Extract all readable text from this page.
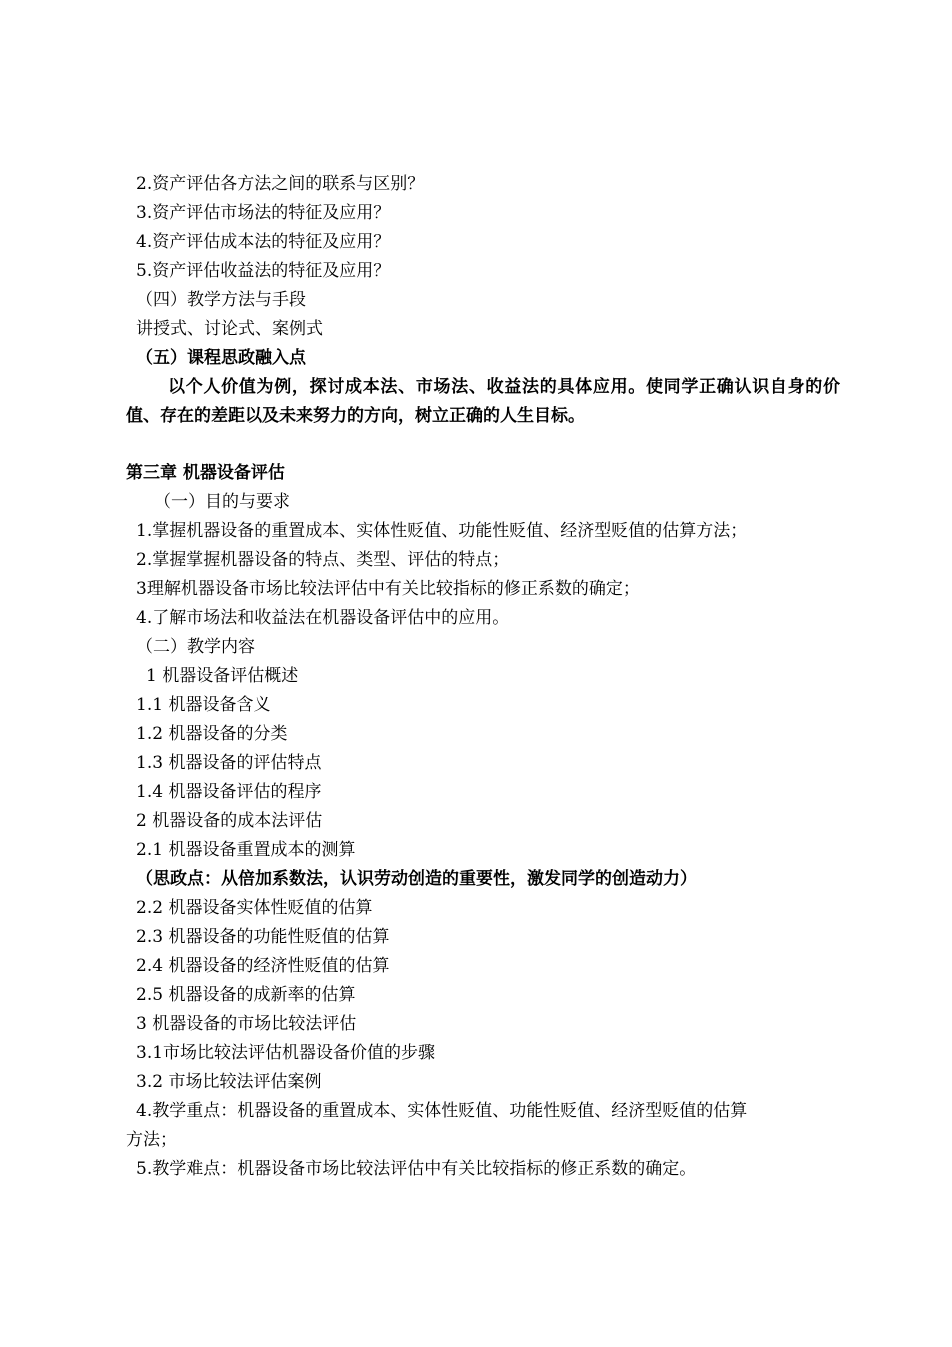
2.资产评估各方法之间的联系与区别？
3.资产评估市场法的特征及应用？
4.资产评估成本法的特征及应用？
5.资产评估收益法的特征及应用？
（四）教学方法与手段
讲授式、讨论式、案例式
（五）课程思政融入点
以个人价值为例，探讨成本法、市场法、收益法的具体应用。使同学正确认识自身的价值、存在的差距以及未来努力的方向，树立正确的人生目标。
第三章 机器设备评估
（一）目的与要求
1.掌握机器设备的重置成本、实体性贬值、功能性贬值、经济型贬值的估算方法；
2.掌握掌握机器设备的特点、类型、评估的特点；
3理解机器设备市场比较法评估中有关比较指标的修正系数的确定；
4.了解市场法和收益法在机器设备评估中的应用。
（二）教学内容
1 机器设备评估概述
1.1 机器设备含义
1.2 机器设备的分类
1.3 机器设备的评估特点
1.4 机器设备评估的程序
2 机器设备的成本法评估
2.1 机器设备重置成本的测算
（思政点：从倍加系数法，认识劳动创造的重要性，激发同学的创造动力）
2.2 机器设备实体性贬值的估算
2.3 机器设备的功能性贬值的估算
2.4 机器设备的经济性贬值的估算
2.5 机器设备的成新率的估算
3 机器设备的市场比较法评估
3.1市场比较法评估机器设备价值的步骤
3.2 市场比较法评估案例
4.教学重点：机器设备的重置成本、实体性贬值、功能性贬值、经济型贬值的估算
方法；
5.教学难点：机器设备市场比较法评估中有关比较指标的修正系数的确定。
